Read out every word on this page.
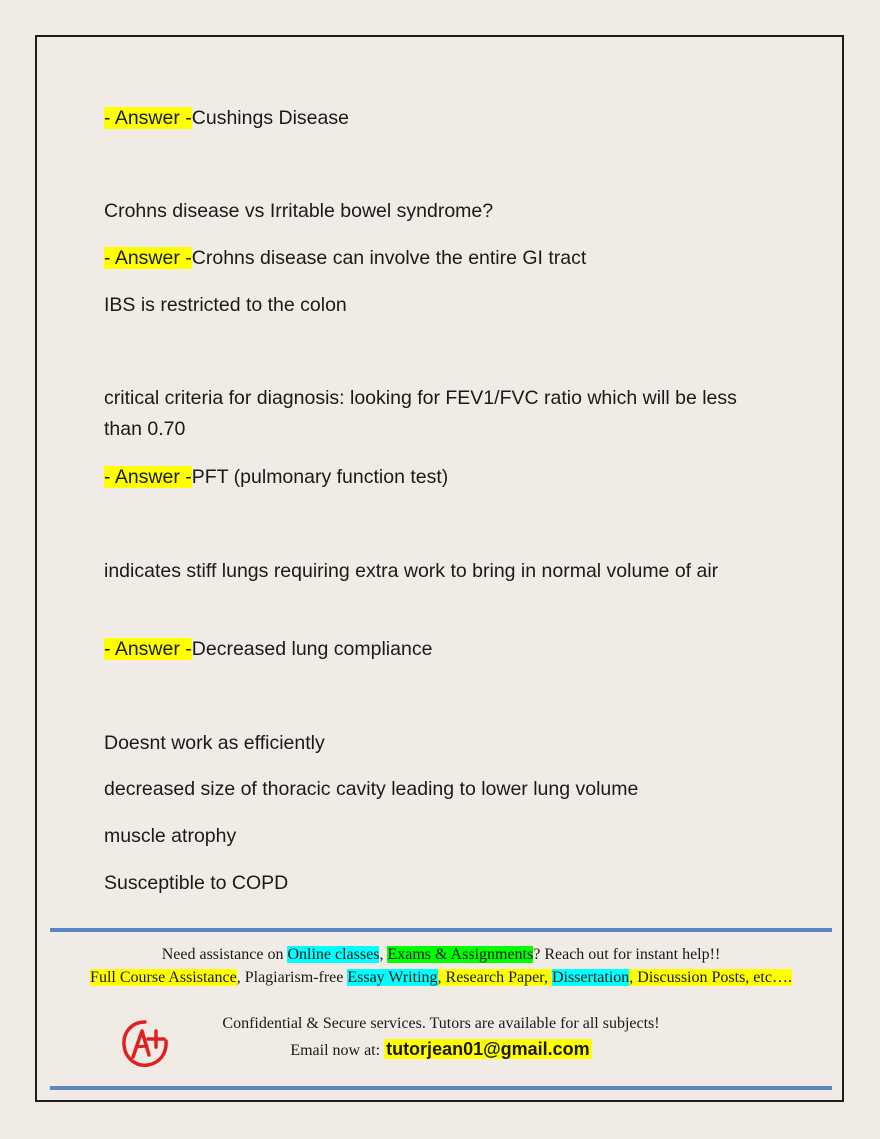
- Answer -Cushings Disease
Crohns disease vs Irritable bowel syndrome?
- Answer -Crohns disease can involve the entire GI tract
IBS is restricted to the colon
critical criteria for diagnosis: looking for FEV1/FVC ratio which will be less than 0.70
- Answer -PFT (pulmonary function test)
indicates stiff lungs requiring extra work to bring in normal volume of air
- Answer -Decreased lung compliance
Doesnt work as efficiently
decreased size of thoracic cavity leading to lower lung volume
muscle atrophy
Susceptible to COPD
Need assistance on Online classes, Exams & Assignments? Reach out for instant help!!
Full Course Assistance, Plagiarism-free Essay Writing, Research Paper, Dissertation, Discussion Posts, etc….
Confidential & Secure services. Tutors are available for all subjects!
Email now at: tutorjean01@gmail.com
